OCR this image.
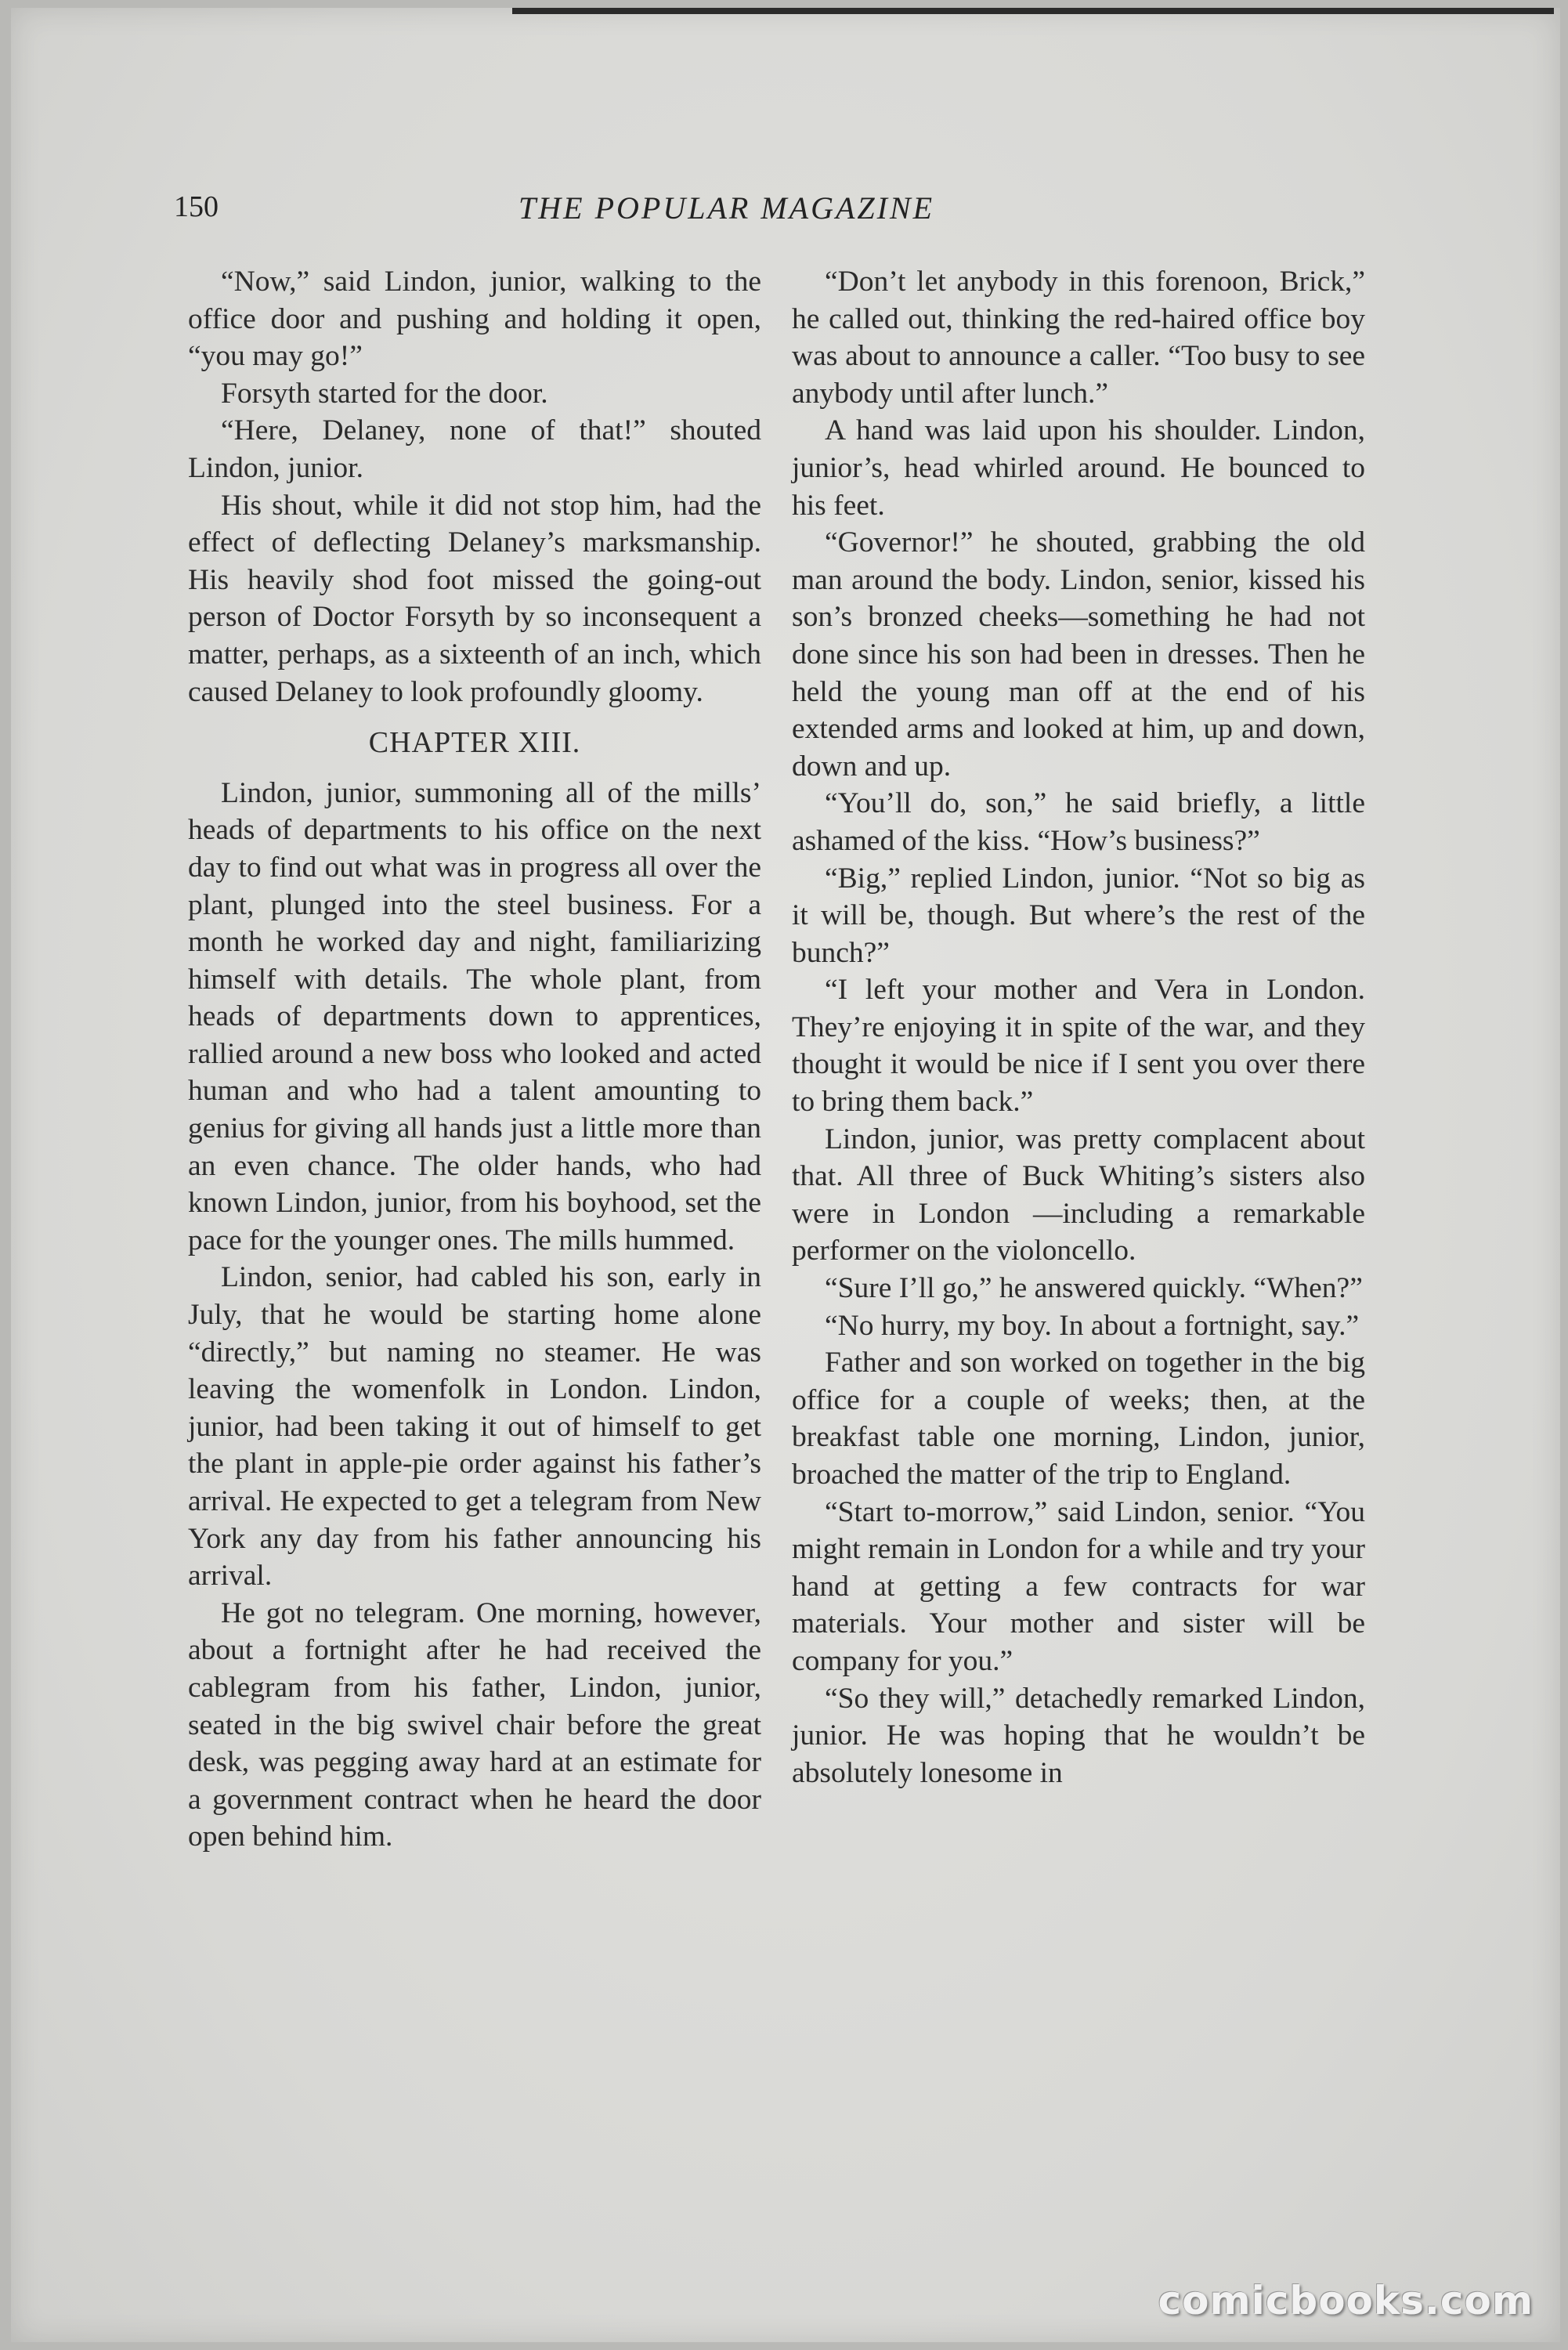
150	THE POPULAR MAGAZINE

“Now,” said Lindon, junior, walking to the office door and pushing and holding it open, “you may go!”

Forsyth started for the door.

“Here, Delaney, none of that!” shouted Lindon, junior.

His shout, while it did not stop him, had the effect of deflecting Delaney’s marksmanship. His heavily shod foot missed the going-out person of Doctor Forsyth by so inconsequent a matter, perhaps, as a sixteenth of an inch, which caused Delaney to look profoundly gloomy.

CHAPTER XIII.

Lindon, junior, summoning all of the mills’ heads of departments to his office on the next day to find out what was in progress all over the plant, plunged into the steel business. For a month he worked day and night, familiarizing himself with details. The whole plant, from heads of departments down to apprentices, rallied around a new boss who looked and acted human and who had a talent amounting to genius for giving all hands just a little more than an even chance. The older hands, who had known Lindon, junior, from his boyhood, set the pace for the younger ones. The mills hummed.

Lindon, senior, had cabled his son, early in July, that he would be starting home alone “directly,” but naming no steamer. He was leaving the womenfolk in London. Lindon, junior, had been taking it out of himself to get the plant in apple-pie order against his father’s arrival. He expected to get a telegram from New York any day from his father announcing his arrival.

He got no telegram. One morning, however, about a fortnight after he had received the cablegram from his father, Lindon, junior, seated in the big swivel chair before the great desk, was pegging away hard at an estimate for a government contract when he heard the door open behind him.

“Don’t let anybody in this forenoon, Brick,” he called out, thinking the red-haired office boy was about to announce a caller. “Too busy to see anybody until after lunch.”

A hand was laid upon his shoulder. Lindon, junior’s, head whirled around. He bounced to his feet.

“Governor!” he shouted, grabbing the old man around the body. Lindon, senior, kissed his son’s bronzed cheeks—something he had not done since his son had been in dresses. Then he held the young man off at the end of his extended arms and looked at him, up and down, down and up.

“You’ll do, son,” he said briefly, a little ashamed of the kiss. “How’s business?”

“Big,” replied Lindon, junior. “Not so big as it will be, though. But where’s the rest of the bunch?”

“I left your mother and Vera in London. They’re enjoying it in spite of the war, and they thought it would be nice if I sent you over there to bring them back.”

Lindon, junior, was pretty complacent about that. All three of Buck Whiting’s sisters also were in London —including a remarkable performer on the violoncello.

“Sure I’ll go,” he answered quickly. “When?”

“No hurry, my boy. In about a fortnight, say.”

Father and son worked on together in the big office for a couple of weeks; then, at the breakfast table one morning, Lindon, junior, broached the matter of the trip to England.

“Start to-morrow,” said Lindon, senior. “You might remain in London for a while and try your hand at getting a few contracts for war materials. Your mother and sister will be company for you.”

“So they will,” detachedly remarked Lindon, junior. He was hoping that he wouldn’t be absolutely lonesome in

comicbooks.com
